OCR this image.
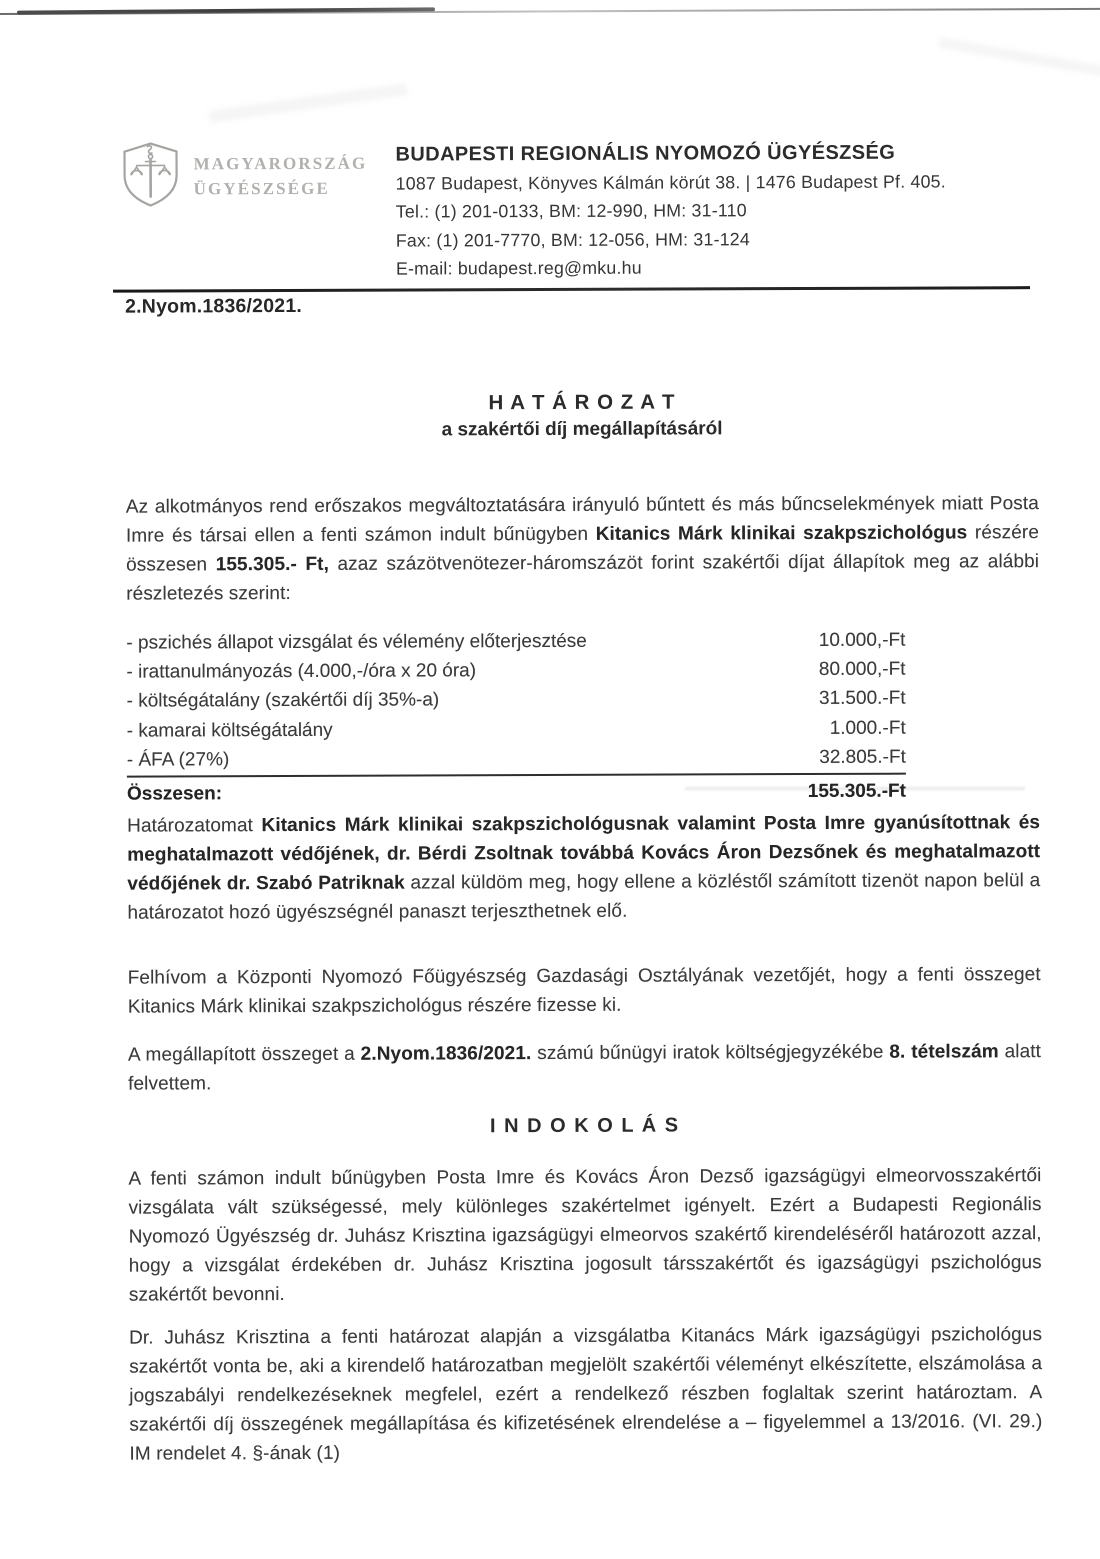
MAGYARORSZÁG
ÜGYÉSZSÉGE
BUDAPESTI REGIONÁLIS NYOMOZÓ ÜGYÉSZSÉG
1087 Budapest, Könyves Kálmán körút 38. | 1476 Budapest Pf. 405.
Tel.: (1) 201-0133, BM: 12-990, HM: 31-110
Fax: (1) 201-7770, BM: 12-056, HM: 31-124
E-mail: budapest.reg@mku.hu
2.Nyom.1836/2021.
H A T Á R O Z A T
a szakértői díj megállapításáról

Az alkotmányos rend erőszakos megváltoztatására irányuló bűntett és más bűncselekmények miatt Posta Imre és társai ellen a fenti számon indult bűnügyben Kitanics Márk klinikai szakpszichológus részére összesen 155.305.- Ft, azaz százötvenötezer-háromszázöt forint szakértői díjat állapítok meg az alábbi részletezés szerint:

- pszichés állapot vizsgálat és vélemény előterjesztése	10.000,-Ft
- irattanulmányozás (4.000,-/óra x 20 óra)	80.000,-Ft
- költségátalány (szakértői díj 35%-a)	31.500.-Ft
- kamarai költségátalány	1.000.-Ft
- ÁFA (27%)	32.805.-Ft
Összesen:	155.305.-Ft

Határozatomat Kitanics Márk klinikai szakpszichológusnak valamint Posta Imre gyanúsítottnak és meghatalmazott védőjének, dr. Bérdi Zsoltnak továbbá Kovács Áron Dezsőnek és meghatalmazott védőjének dr. Szabó Patriknak azzal küldöm meg, hogy ellene a közléstől számított tizenöt napon belül a határozatot hozó ügyészségnél panaszt terjeszthetnek elő.

Felhívom a Központi Nyomozó Főügyészség Gazdasági Osztályának vezetőjét, hogy a fenti összeget Kitanics Márk klinikai szakpszichológus részére fizesse ki.

A megállapított összeget a 2.Nyom.1836/2021. számú bűnügyi iratok költségjegyzékébe 8. tételszám alatt felvettem.

I N D O K O L Á S

A fenti számon indult bűnügyben Posta Imre és Kovács Áron Dezső igazságügyi elmeorvosszakértői vizsgálata vált szükségessé, mely különleges szakértelmet igényelt. Ezért a Budapesti Regionális Nyomozó Ügyészség dr. Juhász Krisztina igazságügyi elmeorvos szakértő kirendeléséről határozott azzal, hogy a vizsgálat érdekében dr. Juhász Krisztina jogosult társszakértőt és igazságügyi pszichológus szakértőt bevonni.

Dr. Juhász Krisztina a fenti határozat alapján a vizsgálatba Kitanács Márk igazságügyi pszichológus szakértőt vonta be, aki a kirendelő határozatban megjelölt szakértői véleményt elkészítette, elszámolása a jogszabályi rendelkezéseknek megfelel, ezért a rendelkező részben foglaltak szerint határoztam. A szakértői díj összegének megállapítása és kifizetésének elrendelése a – figyelemmel a 13/2016. (VI. 29.) IM rendelet 4. §-ának (1)
